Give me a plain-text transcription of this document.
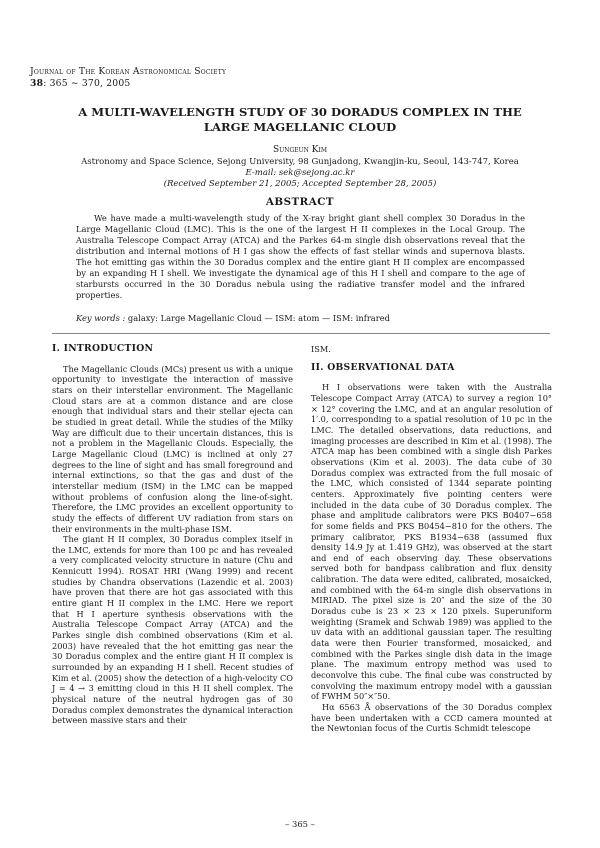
Journal of The Korean Astronomical Society
38: 365 ∼ 370, 2005
A MULTI-WAVELENGTH STUDY OF 30 DORADUS COMPLEX IN THE
LARGE MAGELLANIC CLOUD
Sungeun Kim
Astronomy and Space Science, Sejong University, 98 Gunjadong, Kwangjin-ku, Seoul, 143-747, Korea
E-mail: sek@sejong.ac.kr
(Received September 21, 2005; Accepted September 28, 2005)
ABSTRACT

We have made a multi-wavelength study of the X-ray bright giant shell complex 30 Doradus in the Large Magellanic Cloud (LMC). This is the one of the largest H II complexes in the Local Group. The Australia Telescope Compact Array (ATCA) and the Parkes 64-m single dish observations reveal that the distribution and internal motions of H I gas show the effects of fast stellar winds and supernova blasts. The hot emitting gas within the 30 Doradus complex and the entire giant H II complex are encompassed by an expanding H I shell. We investigate the dynamical age of this H I shell and compare to the age of starbursts occurred in the 30 Doradus nebula using the radiative transfer model and the infrared properties.

Key words : galaxy: Large Magellanic Cloud — ISM: atom — ISM: infrared
I. INTRODUCTION

The Magellanic Clouds (MCs) present us with a unique opportunity to investigate the interaction of massive stars on their interstellar environment. The Magellanic Cloud stars are at a common distance and are close enough that individual stars and their stellar ejecta can be studied in great detail. While the studies of the Milky Way are difficult due to their uncertain distances, this is not a problem in the Magellanic Clouds. Especially, the Large Magellanic Cloud (LMC) is inclined at only 27 degrees to the line of sight and has small foreground and internal extinctions, so that the gas and dust of the interstellar medium (ISM) in the LMC can be mapped without problems of confusion along the line-of-sight. Therefore, the LMC provides an excellent opportunity to study the effects of different UV radiation from stars on their environments in the multi-phase ISM.

The giant H II complex, 30 Doradus complex itself in the LMC, extends for more than 100 pc and has revealed a very complicated velocity structure in nature (Chu and Kennicutt 1994). ROSAT HRI (Wang 1999) and recent studies by Chandra observations (Lazendic et al. 2003) have proven that there are hot gas associated with this entire giant H II complex in the LMC. Here we report that H I aperture synthesis observations with the Australia Telescope Compact Array (ATCA) and the Parkes single dish combined observations (Kim et al. 2003) have revealed that the hot emitting gas near the 30 Doradus complex and the entire giant H II complex is surrounded by an expanding H I shell. Recent studies of Kim et al. (2005) show the detection of a high-velocity CO J = 4 → 3 emitting cloud in this H II shell complex. The physical nature of the neutral hydrogen gas of 30 Doradus complex demonstrates the dynamical interaction between massive stars and their

ISM.

II. OBSERVATIONAL DATA

H I observations were taken with the Australia Telescope Compact Array (ATCA) to survey a region 10° × 12° covering the LMC, and at an angular resolution of 1′.0, corresponding to a spatial resolution of 10 pc in the LMC. The detailed observations, data reductions, and imaging processes are described in Kim et al. (1998). The ATCA map has been combined with a single dish Parkes observations (Kim et al. 2003). The data cube of 30 Doradus complex was extracted from the full mosaic of the LMC, which consisted of 1344 separate pointing centers. Approximately five pointing centers were included in the data cube of 30 Doradus complex. The phase and amplitude calibrators were PKS B0407−658 for some fields and PKS B0454−810 for the others. The primary calibrator, PKS B1934−638 (assumed flux density 14.9 Jy at 1.419 GHz), was observed at the start and end of each observing day. These observations served both for bandpass calibration and flux density calibration. The data were edited, calibrated, mosaicked, and combined with the 64-m single dish observations in MIRIAD. The pixel size is 20″ and the size of the 30 Doradus cube is 23 × 23 × 120 pixels. Superuniform weighting (Sramek and Schwab 1989) was applied to the uv data with an additional gaussian taper. The resulting data were then Fourier transformed, mosaicked, and combined with the Parkes single dish data in the image plane. The maximum entropy method was used to deconvolve this cube. The final cube was constructed by convolving the maximum entropy model with a gaussian of FWHM 50″×″50.

Hα 6563 Å observations of the 30 Doradus complex have been undertaken with a CCD camera mounted at the Newtonian focus of the Curtis Schmidt telescope

– 365 –
